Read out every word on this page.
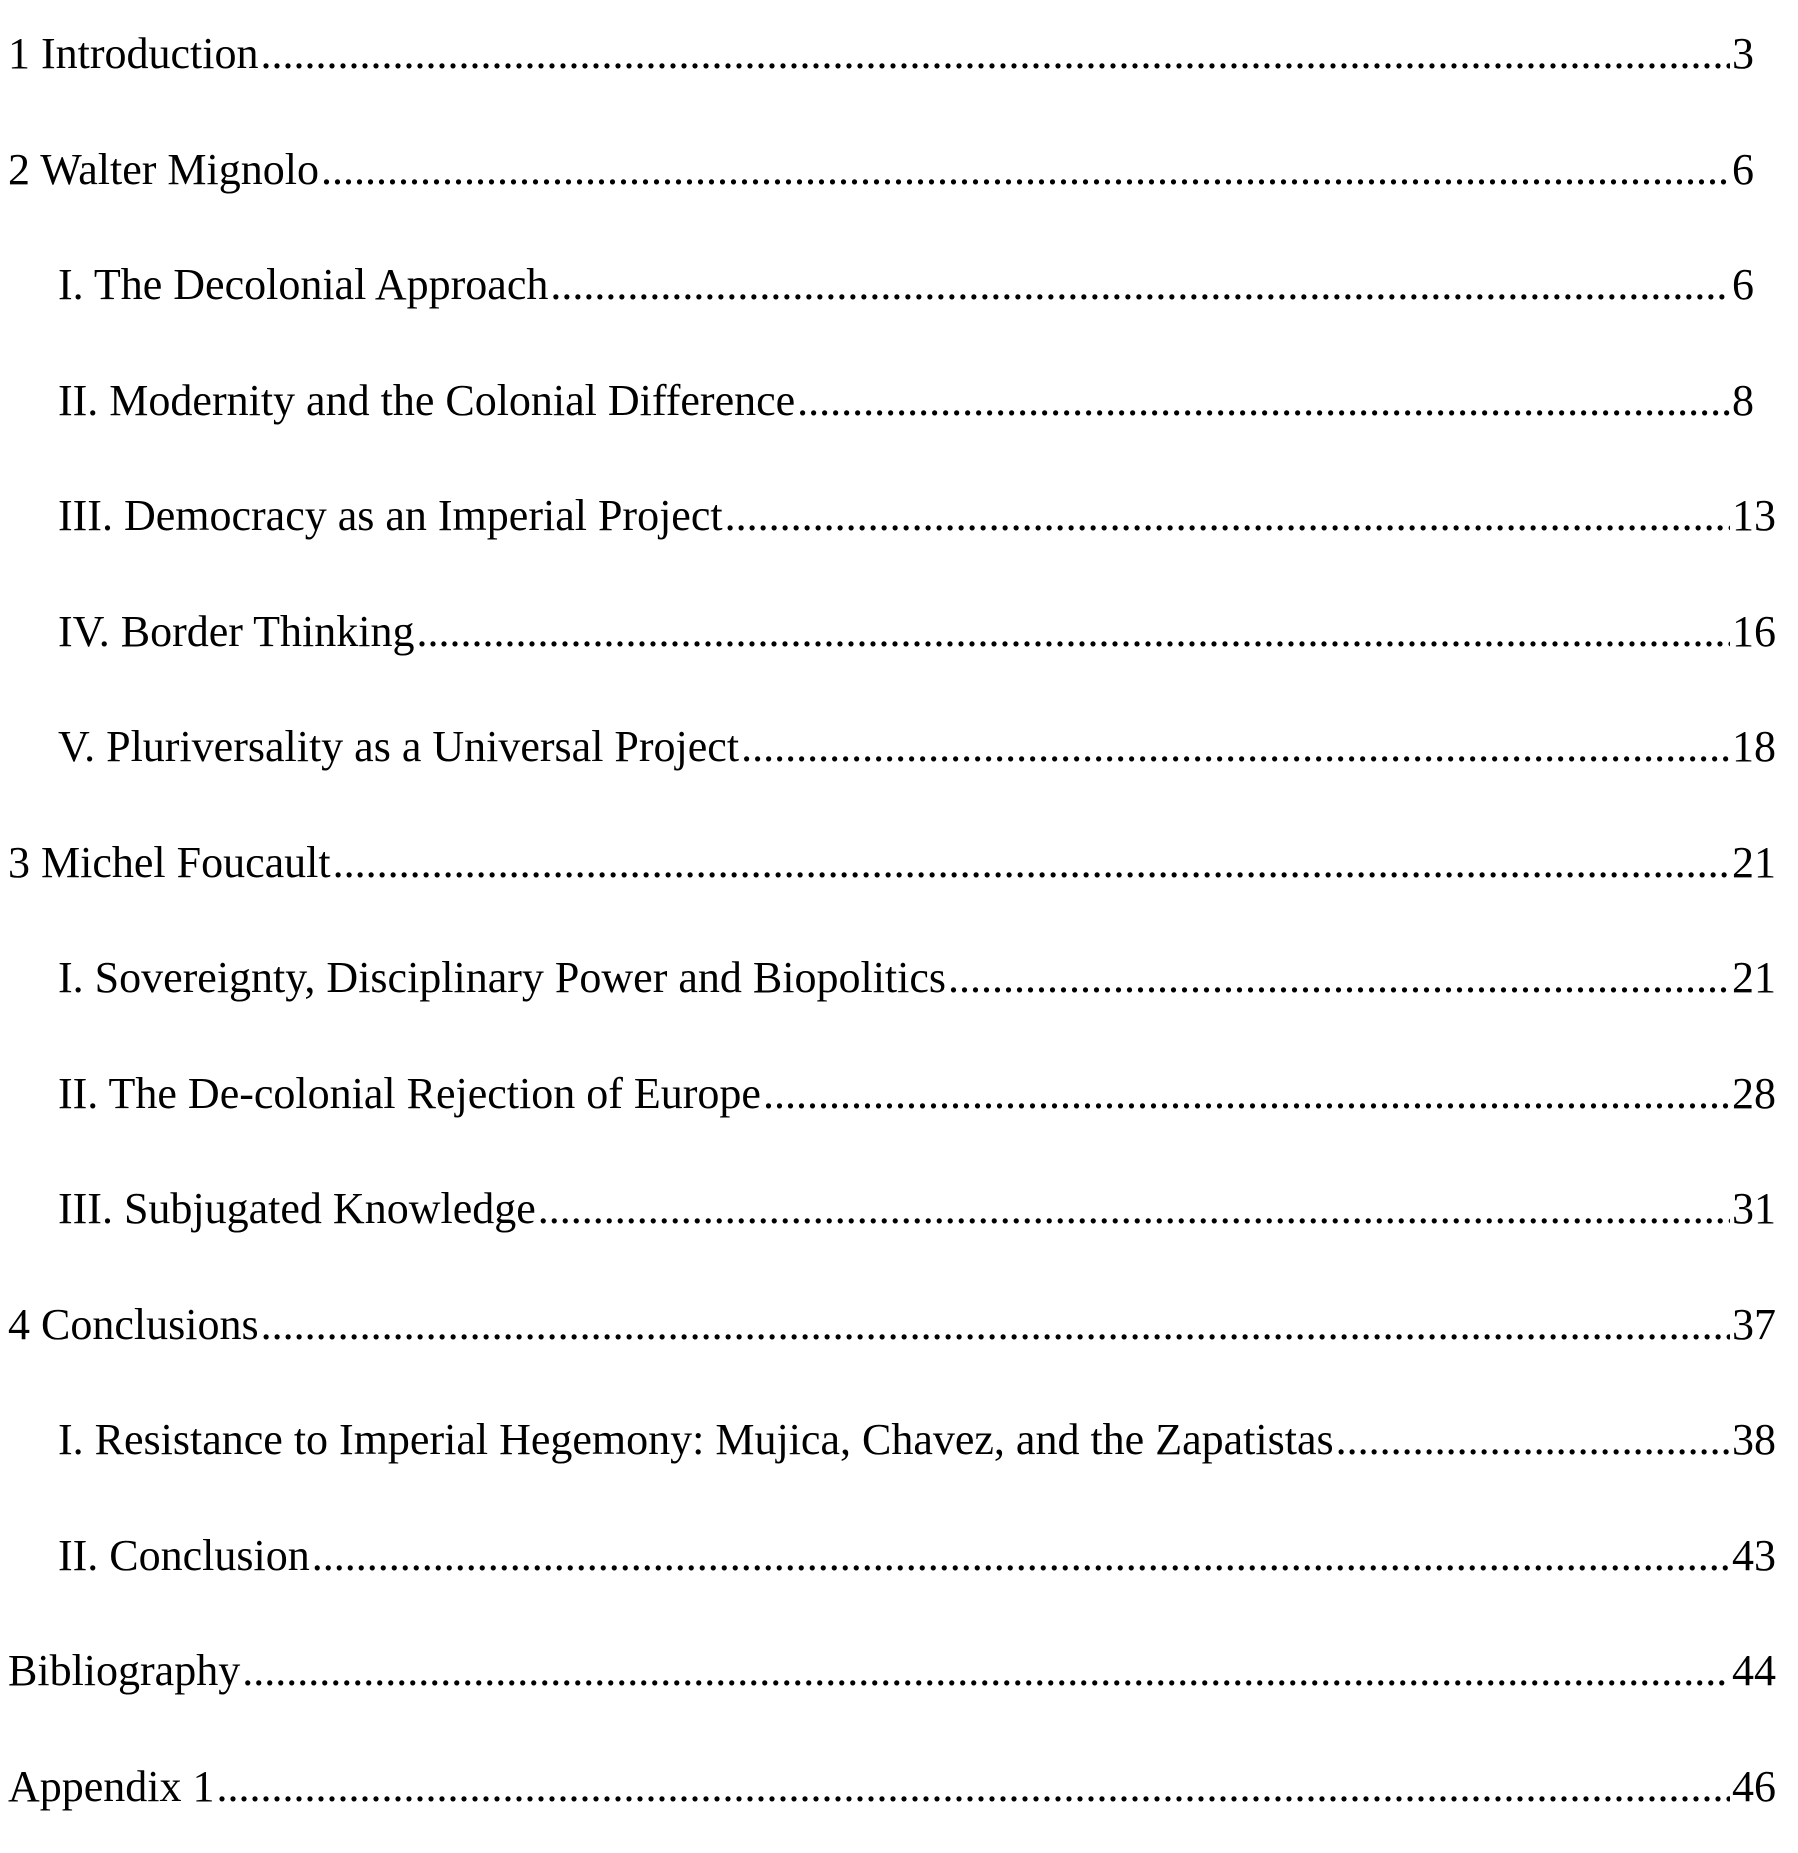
1 Introduction .....	3
2 Walter Mignolo .....	6
I. The Decolonial Approach .....	6
II. Modernity and the Colonial Difference .....	8
III. Democracy as an Imperial Project .....	13
IV. Border Thinking .....	16
V. Pluriversality as a Universal Project .....	18
3 Michel Foucault .....	21
I. Sovereignty, Disciplinary Power and Biopolitics .....	21
II. The De-colonial Rejection of Europe .....	28
III. Subjugated Knowledge .....	31
4 Conclusions .....	37
I. Resistance to Imperial Hegemony: Mujica, Chavez, and the Zapatistas .....	38
II. Conclusion .....	43
Bibliography .....	44
Appendix 1 .....	46
